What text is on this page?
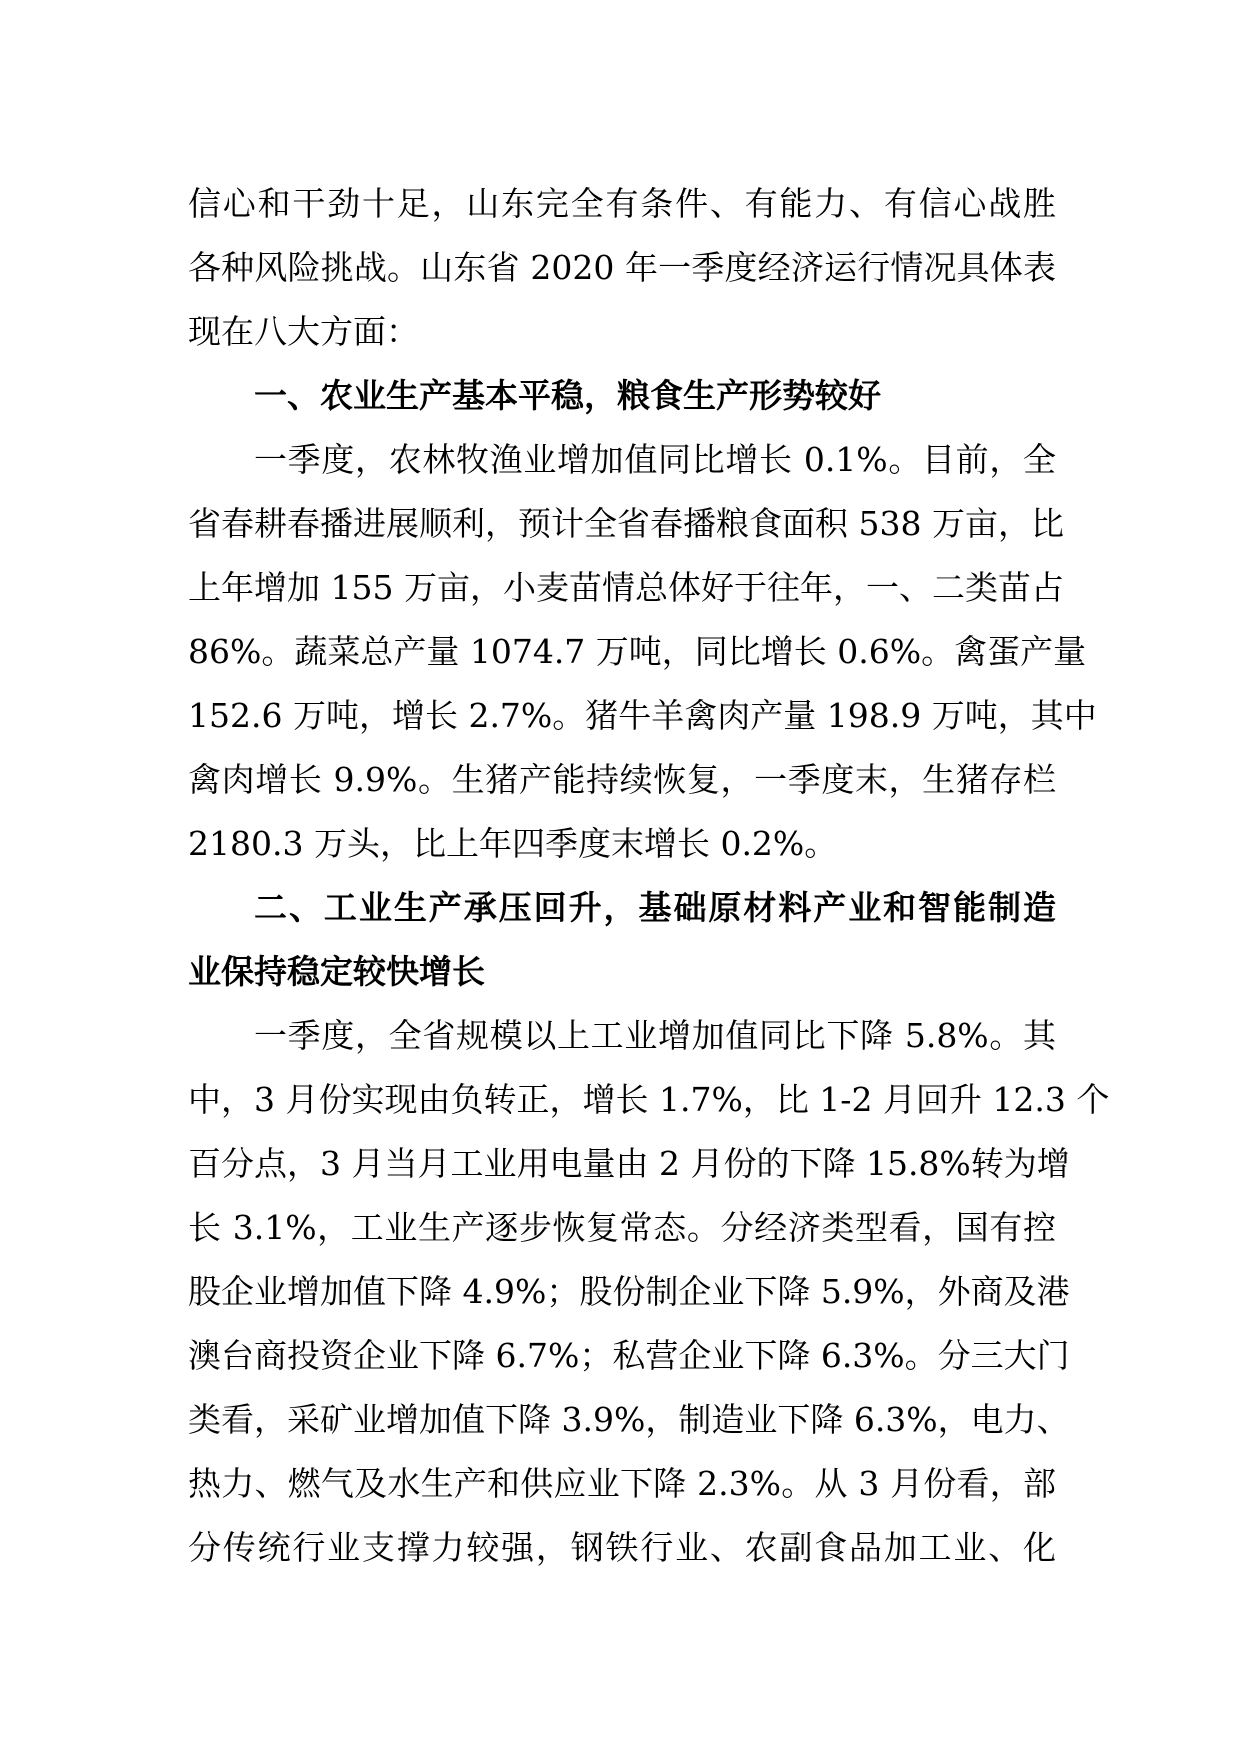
信心和干劲十足，山东完全有条件、有能力、有信心战胜
各种风险挑战。山东省 2020 年一季度经济运行情况具体表
现在八大方面：
一、农业生产基本平稳，粮食生产形势较好
一季度，农林牧渔业增加值同比增长 0.1%。目前，全
省春耕春播进展顺利，预计全省春播粮食面积 538 万亩，比
上年增加 155 万亩，小麦苗情总体好于往年，一、二类苗占
86%。蔬菜总产量 1074.7 万吨，同比增长 0.6%。禽蛋产量
152.6 万吨，增长 2.7%。猪牛羊禽肉产量 198.9 万吨，其中
禽肉增长 9.9%。生猪产能持续恢复，一季度末，生猪存栏
2180.3 万头，比上年四季度末增长 0.2%。
二、工业生产承压回升，基础原材料产业和智能制造
业保持稳定较快增长
一季度，全省规模以上工业增加值同比下降 5.8%。其
中，3 月份实现由负转正，增长 1.7%，比 1-2 月回升 12.3 个
百分点，3 月当月工业用电量由 2 月份的下降 15.8%转为增
长 3.1%，工业生产逐步恢复常态。分经济类型看，国有控
股企业增加值下降 4.9%；股份制企业下降 5.9%，外商及港
澳台商投资企业下降 6.7%；私营企业下降 6.3%。分三大门
类看，采矿业增加值下降 3.9%，制造业下降 6.3%，电力、
热力、燃气及水生产和供应业下降 2.3%。从 3 月份看，部
分传统行业支撑力较强，钢铁行业、农副食品加工业、化
